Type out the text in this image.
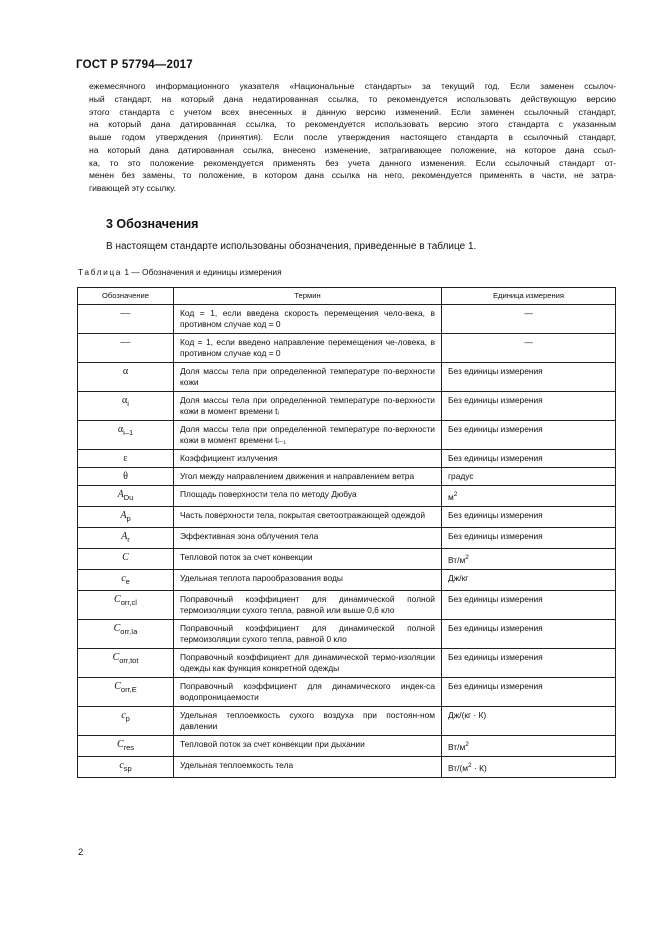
ГОСТ Р 57794—2017

ежемесячного информационного указателя «Национальные стандарты» за текущий год. Если заменен ссылоч-

ный стандарт, на который дана недатированная ссылка, то рекомендуется использовать действующую версию

этого стандарта с учетом всех внесенных в данную версию изменений. Если заменен ссылочный стандарт,

на который дана датированная ссылка, то рекомендуется использовать версию этого стандарта с указанным

выше годом утверждения (принятия). Если после утверждения настоящего стандарта в ссылочный стандарт,

на который дана датированная ссылка, внесено изменение, затрагивающее положение, на которое дана ссыл-

ка, то это положение рекомендуется применять без учета данного изменения. Если ссылочный стандарт от-

менен без замены, то положение, в котором дана ссылка на него, рекомендуется применять в части, не затра-

гивающей эту ссылку.

3 Обозначения
В настоящем стандарте использованы обозначения, приведенные в таблице 1.
Таблица 1 — Обозначения и единицы измерения
Обозначение	Термин	Единица измерения
—	Код = 1, если введена скорость перемещения чело-века, в противном случае код = 0	—
—	Код = 1, если введено направление перемещения че-ловека, в противном случае код = 0	—
α	Доля массы тела при определенной температуре по-верхности кожи	Без единицы измерения
$\alpha_i$	Доля массы тела при определенной температуре по-верхности кожи в момент времени tᵢ	Без единицы измерения
$\alpha_{i-1}$	Доля массы тела при определенной температуре по-верхности кожи в момент времени tᵢ₋₁	Без единицы измерения
ε	Коэффициент излучения	Без единицы измерения
θ	Угол между направлением движения и направлением ветра	градус
$A_{Du}$	Площадь поверхности тела по методу Дюбуа	$м^2$
$A_p$	Часть поверхности тела, покрытая светоотражающей одеждой	Без единицы измерения
$A_r$	Эффективная зона облучения тела	Без единицы измерения
C	Тепловой поток за счет конвекции	$Вт/м^2$
$c_e$	Удельная теплота парообразования воды	Дж/кг
$C_{orr,cl}$	Поправочный коэффициент для динамической полной термоизоляции сухого тепла, равной или выше 0,6 кло	Без единицы измерения
$C_{orr,Ia}$	Поправочный коэффициент для динамической полной термоизоляции сухого тепла, равной 0 кло	Без единицы измерения
$C_{orr,tot}$	Поправочный коэффициент для динамической термо-изоляции одежды как функция конкретной одежды	Без единицы измерения
$C_{orr,E}$	Поправочный коэффициент для динамического индек-са водопроницаемости	Без единицы измерения
$c_p$	Удельная теплоемкость сухого воздуха при постоян-ном давлении	Дж/(кг · К)
$C_{res}$	Тепловой поток за счет конвекции при дыхании	$Вт/м^2$
$c_{sp}$	Удельная теплоемкость тела	$Вт/(м^2 \cdot К)$
2
